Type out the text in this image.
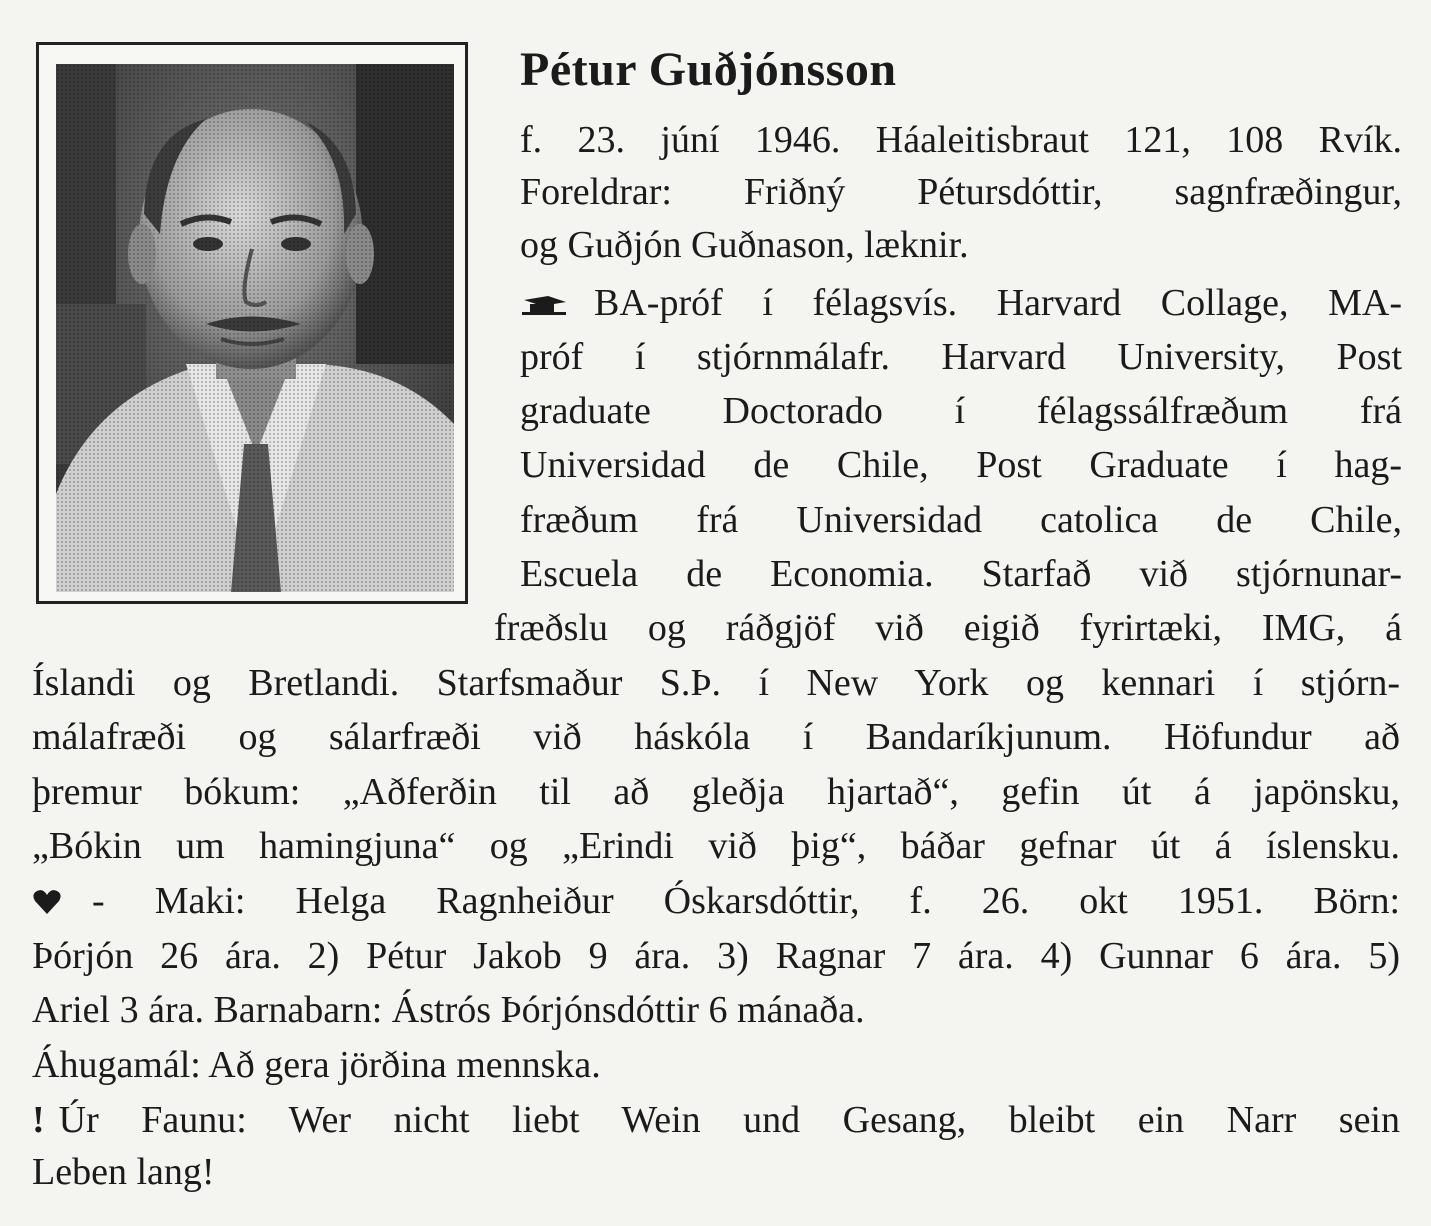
Pétur Guðjónsson

f. 23. júní 1946. Háaleitisbraut 121, 108 Rvík.

Foreldrar: Friðný Pétursdóttir, sagnfræðingur,

og Guðjón Guðnason, læknir.

BA-próf í félagsvís. Harvard Collage, MA-

próf í stjórnmálafr. Harvard University, Post

graduate Doctorado í félagssálfræðum frá

Universidad de Chile, Post Graduate í hag-

fræðum frá Universidad catolica de Chile,

Escuela de Economia. Starfað við stjórnunar-

fræðslu og ráðgjöf við eigið fyrirtæki, IMG, á

Íslandi og Bretlandi. Starfsmaður S.Þ. í New York og kennari í stjórn-

málafræði og sálarfræði við háskóla í Bandaríkjunum. Höfundur að

þremur bókum: „Aðferðin til að gleðja hjartað“, gefin út á japönsku,

„Bókin um hamingjuna“ og „Erindi við þig“, báðar gefnar út á íslensku.

- Maki: Helga Ragnheiður Óskarsdóttir, f. 26. okt 1951. Börn:

Þórjón 26 ára. 2) Pétur Jakob 9 ára. 3) Ragnar 7 ára. 4) Gunnar 6 ára. 5)

Ariel 3 ára. Barnabarn: Ástrós Þórjónsdóttir 6 mánaða.

Áhugamál: Að gera jörðina mennska.

! Úr Faunu: Wer nicht liebt Wein und Gesang, bleibt ein Narr sein

Leben lang!
